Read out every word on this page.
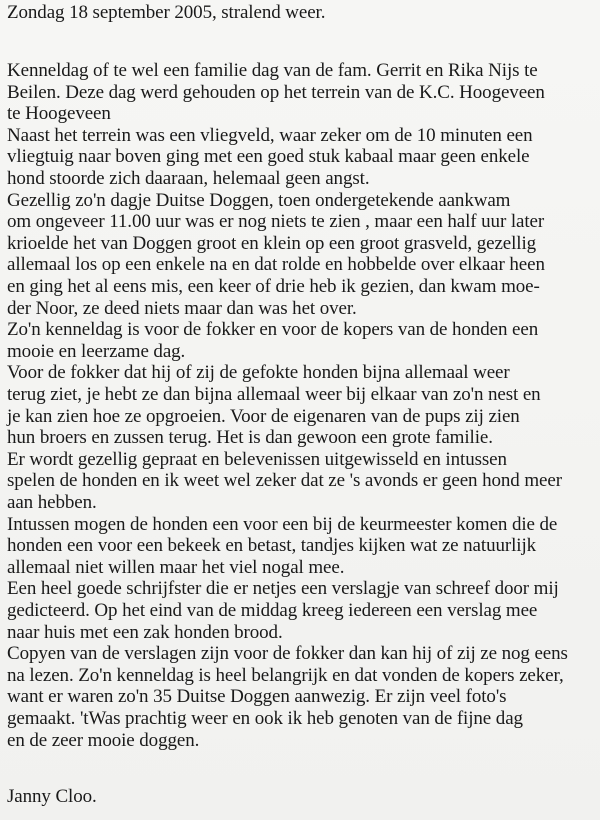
Zondag 18 september 2005, stralend weer.
Kenneldag of te wel een familie dag van de fam. Gerrit en Rika Nijs te
Beilen. Deze dag werd gehouden op het terrein van de K.C. Hoogeveen
te Hoogeveen
Naast het terrein was een vliegveld, waar zeker om de 10 minuten een
vliegtuig naar boven ging met een goed stuk kabaal maar geen enkele
hond stoorde zich daaraan, helemaal geen angst.
Gezellig zo'n dagje Duitse Doggen, toen ondergetekende aankwam
om ongeveer 11.00 uur was er nog niets te zien , maar een half uur later
krioelde het van Doggen groot en klein op een groot grasveld, gezellig
allemaal los op een enkele na en dat rolde en hobbelde over elkaar heen
en ging het al eens mis, een keer of drie heb ik gezien, dan kwam moe-
der Noor, ze deed niets maar dan was het over.
Zo'n kenneldag is voor de fokker en voor de kopers van de honden een
mooie en leerzame dag.
Voor de fokker dat hij of zij de gefokte honden bijna allemaal weer
terug ziet, je hebt ze dan bijna allemaal weer bij elkaar van zo'n nest en
je kan zien hoe ze opgroeien. Voor de eigenaren van de pups zij zien
hun broers en zussen terug. Het is dan gewoon een grote familie.
Er wordt gezellig gepraat en belevenissen uitgewisseld en intussen
spelen de honden en ik weet wel zeker dat ze 's avonds er geen hond meer
aan hebben.
Intussen mogen de honden een voor een bij de keurmeester komen die de
honden een voor een bekeek en betast, tandjes kijken wat ze natuurlijk
allemaal niet willen maar het viel nogal mee.
Een heel goede schrijfster die er netjes een verslagje van schreef door mij
gedicteerd. Op het eind van de middag kreeg iedereen een verslag mee
naar huis met een zak honden brood.
Copyen van de verslagen zijn voor de fokker dan kan hij of zij ze nog eens
na lezen. Zo'n kenneldag is heel belangrijk en dat vonden de kopers zeker,
want er waren zo'n 35 Duitse Doggen aanwezig. Er zijn veel foto's
gemaakt. 'tWas prachtig weer en ook ik heb genoten van de fijne dag
en de zeer mooie doggen.
Janny Cloo.
